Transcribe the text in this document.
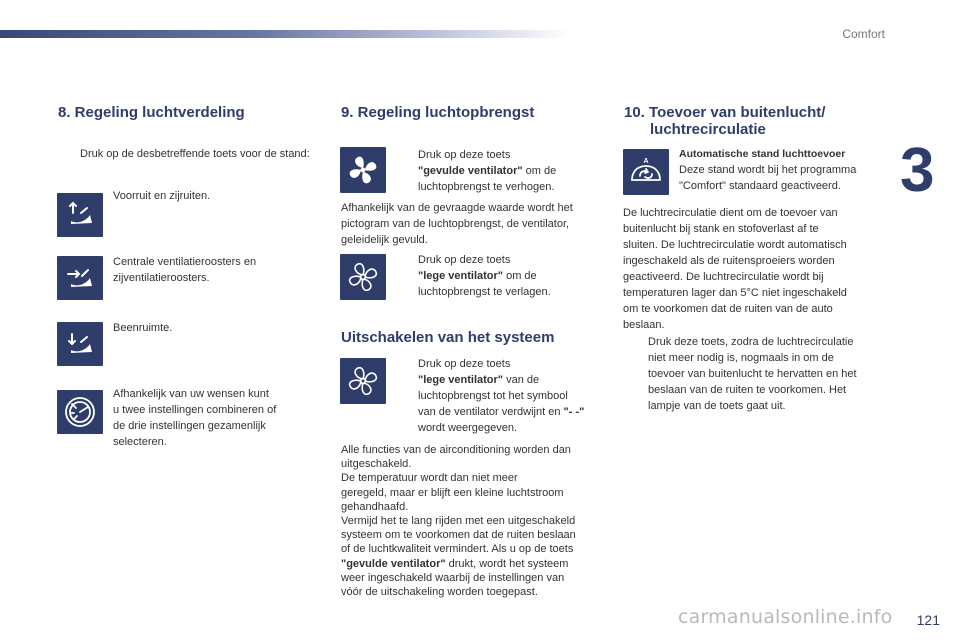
Comfort
3
8. Regeling luchtverdeling
Druk op de desbetreffende toets voor de stand:
Voorruit en zijruiten.
Centrale ventilatieroosters en
zijventilatieroosters.
Beenruimte.
Afhankelijk van uw wensen kunt
u twee instellingen combineren of
de drie instellingen gezamenlijk
selecteren.
9. Regeling luchtopbrengst
Druk op deze toets
"gevulde ventilator" om de
luchtopbrengst te verhogen.
Afhankelijk van de gevraagde waarde wordt het
pictogram van de luchtopbrengst, de ventilator,
geleidelijk gevuld.
Druk op deze toets
"lege ventilator" om de
luchtopbrengst te verlagen.
Uitschakelen van het systeem
Druk op deze toets
"lege ventilator" van de
luchtopbrengst tot het symbool
van de ventilator verdwijnt en "- -"
wordt weergegeven.
Alle functies van de airconditioning worden dan
uitgeschakeld.
De temperatuur wordt dan niet meer
geregeld, maar er blijft een kleine luchtstroom
gehandhaafd.
Vermijd het te lang rijden met een uitgeschakeld
systeem om te voorkomen dat de ruiten beslaan
of de luchtkwaliteit vermindert. Als u op de toets
"gevulde ventilator" drukt, wordt het systeem
weer ingeschakeld waarbij de instellingen van
vóór de uitschakeling worden toegepast.
10. Toevoer van buitenlucht/
luchtrecirculatie
A
Automatische stand luchttoevoer
Deze stand wordt bij het programma
"Comfort" standaard geactiveerd.
De luchtrecirculatie dient om de toevoer van
buitenlucht bij stank en stofoverlast af te
sluiten. De luchtrecirculatie wordt automatisch
ingeschakeld als de ruitensproeiers worden
geactiveerd. De luchtrecirculatie wordt bij
temperaturen lager dan 5°C niet ingeschakeld
om te voorkomen dat de ruiten van de auto
beslaan.
Druk deze toets, zodra de luchtrecirculatie
niet meer nodig is, nogmaals in om de
toevoer van buitenlucht te hervatten en het
beslaan van de ruiten te voorkomen. Het
lampje van de toets gaat uit.
carmanualsonline.info 121
